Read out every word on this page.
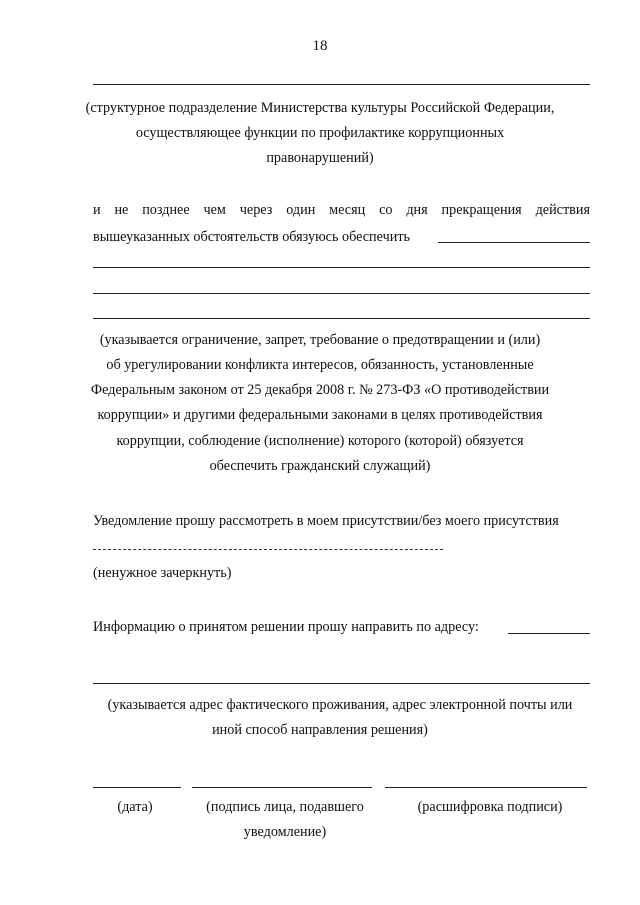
18
(структурное подразделение Министерства культуры Российской Федерации,
осуществляющее функции по профилактике коррупционных
правонарушений)
и не позднее чем через один месяц со дня прекращения действия
вышеуказанных обстоятельств обязуюсь обеспечить
(указывается ограничение, запрет, требование о предотвращении и (или)
об урегулировании конфликта интересов, обязанность, установленные
Федеральным законом от 25 декабря 2008 г. № 273-ФЗ «О противодействии
коррупции» и другими федеральными законами в целях противодействия
коррупции, соблюдение (исполнение) которого (которой) обязуется
обеспечить гражданский служащий)
Уведомление прошу рассмотреть в моем присутствии/без моего присутствия
(ненужное зачеркнуть)
Информацию о принятом решении прошу направить по адресу:
(указывается адрес фактического проживания, адрес электронной почты или
иной способ направления решения)
(дата)	(подпись лица, подавшего
уведомление)
(расшифровка подписи)
